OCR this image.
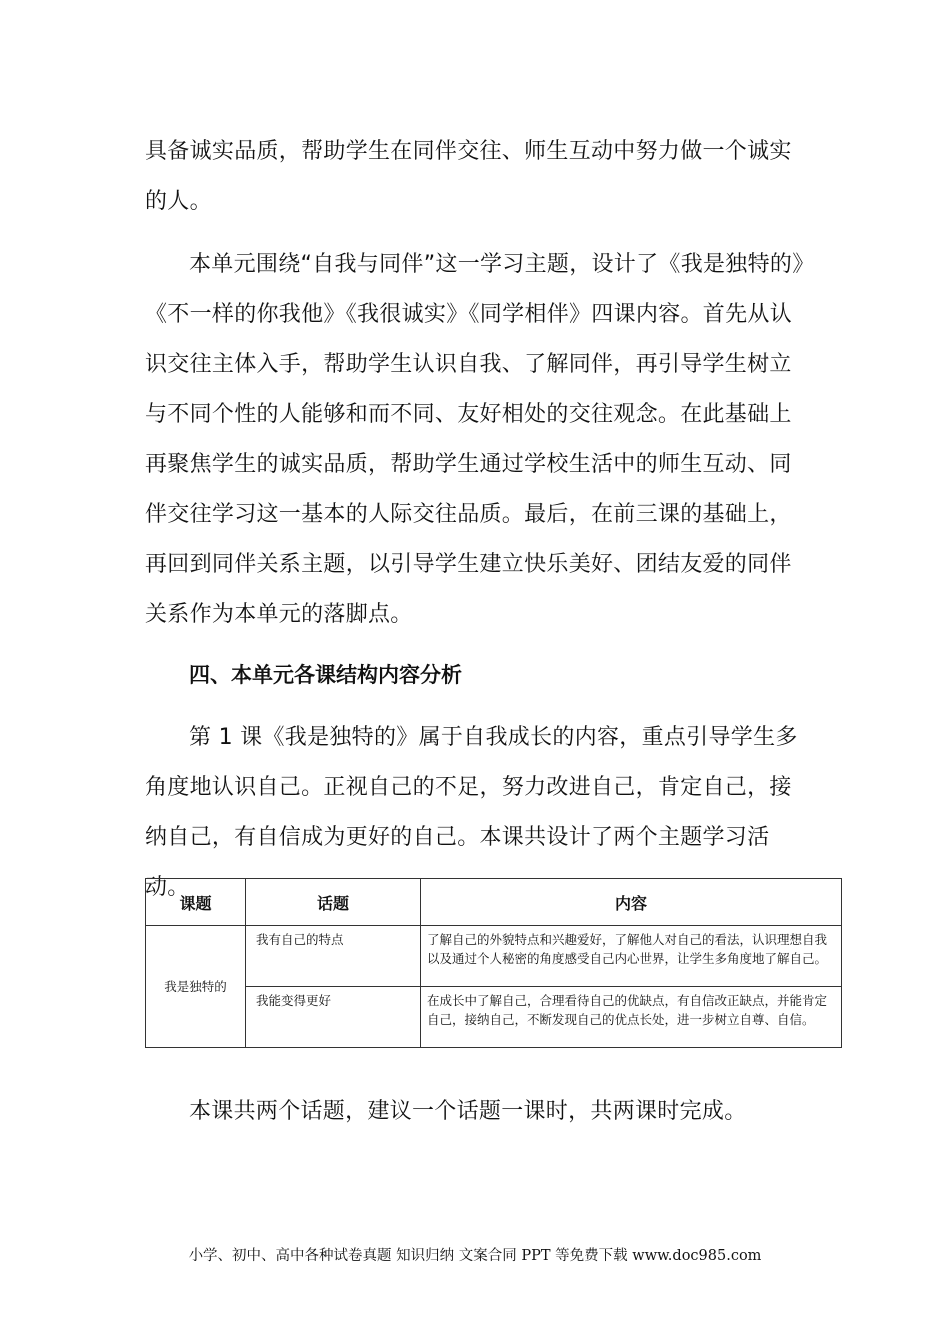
具备诚实品质，帮助学生在同伴交往、师生互动中努力做一个诚实的人。

本单元围绕“自我与同伴”这一学习主题，设计了《我是独特的》《不一样的你我他》《我很诚实》《同学相伴》四课内容。首先从认识交往主体入手，帮助学生认识自我、了解同伴，再引导学生树立与不同个性的人能够和而不同、友好相处的交往观念。在此基础上再聚焦学生的诚实品质，帮助学生通过学校生活中的师生互动、同伴交往学习这一基本的人际交往品质。最后，在前三课的基础上，再回到同伴关系主题，以引导学生建立快乐美好、团结友爱的同伴关系作为本单元的落脚点。

四、本单元各课结构内容分析

第 1 课《我是独特的》属于自我成长的内容，重点引导学生多角度地认识自己。正视自己的不足，努力改进自己，肯定自己，接纳自己，有自信成为更好的自己。本课共设计了两个主题学习活动。

课题	话题	内容
我是独特的	我有自己的特点	了解自己的外貌特点和兴趣爱好，了解他人对自己的看法，认识理想自我以及通过个人秘密的角度感受自己内心世界，让学生多角度地了解自己。
	我能变得更好	在成长中了解自己，合理看待自己的优缺点，有自信改正缺点，并能肯定自己，接纳自己，不断发现自己的优点长处，进一步树立自尊、自信。

本课共两个话题，建议一个话题一课时，共两课时完成。

小学、初中、高中各种试卷真题 知识归纳 文案合同 PPT 等免费下载 www.doc985.com
